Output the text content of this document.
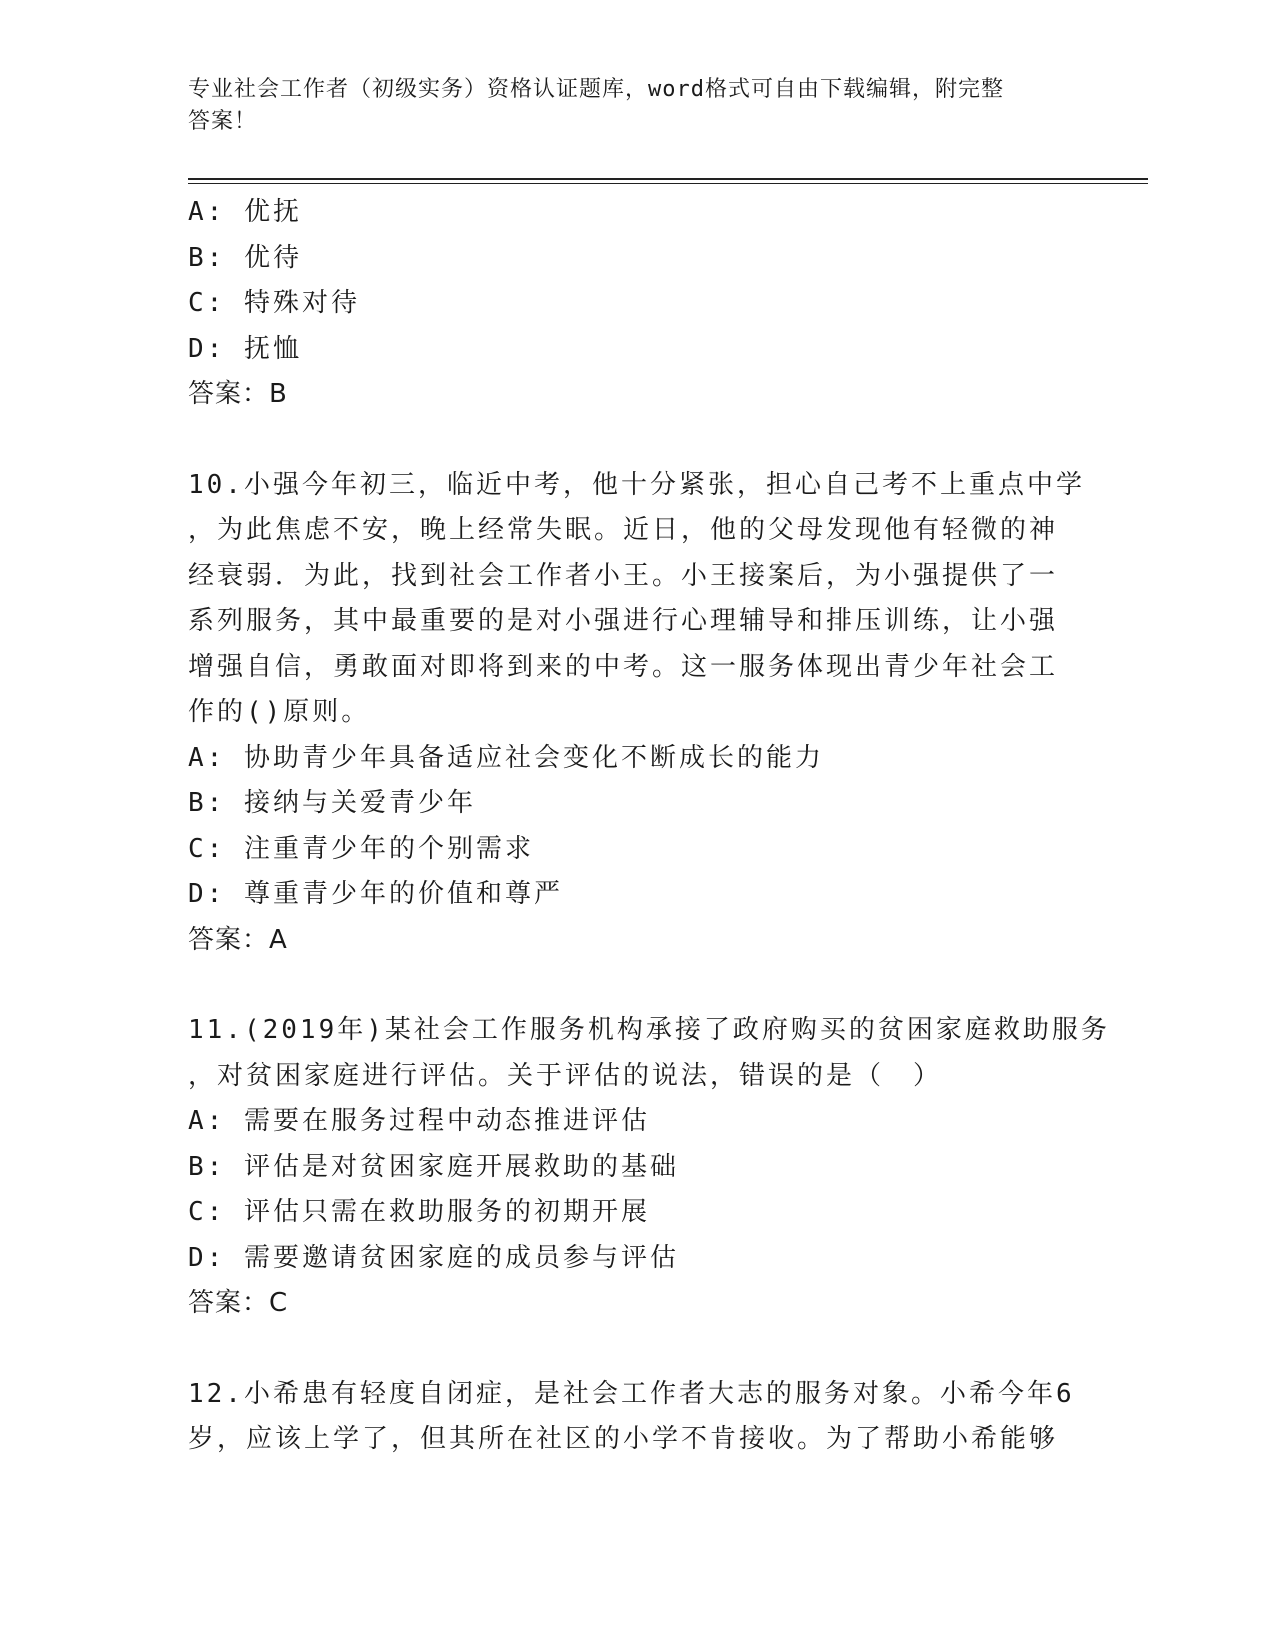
专业社会工作者（初级实务）资格认证题库，word格式可自由下载编辑，附完整
答案！
A: 优抚
B: 优待
C: 特殊对待
D: 抚恤
答案：B
10.小强今年初三，临近中考，他十分紧张，担心自己考不上重点中学
，为此焦虑不安，晚上经常失眠。近日，他的父母发现他有轻微的神
经衰弱．为此，找到社会工作者小王。小王接案后，为小强提供了一
系列服务，其中最重要的是对小强进行心理辅导和排压训练，让小强
增强自信，勇敢面对即将到来的中考。这一服务体现出青少年社会工
作的()原则。
A: 协助青少年具备适应社会变化不断成长的能力
B: 接纳与关爱青少年
C: 注重青少年的个别需求
D: 尊重青少年的价值和尊严
答案：A
11.(2019年)某社会工作服务机构承接了政府购买的贫困家庭救助服务
，对贫困家庭进行评估。关于评估的说法，错误的是（　）
A: 需要在服务过程中动态推进评估
B: 评估是对贫困家庭开展救助的基础
C: 评估只需在救助服务的初期开展
D: 需要邀请贫困家庭的成员参与评估
答案：C
12.小希患有轻度自闭症，是社会工作者大志的服务对象。小希今年6
岁，应该上学了，但其所在社区的小学不肯接收。为了帮助小希能够
